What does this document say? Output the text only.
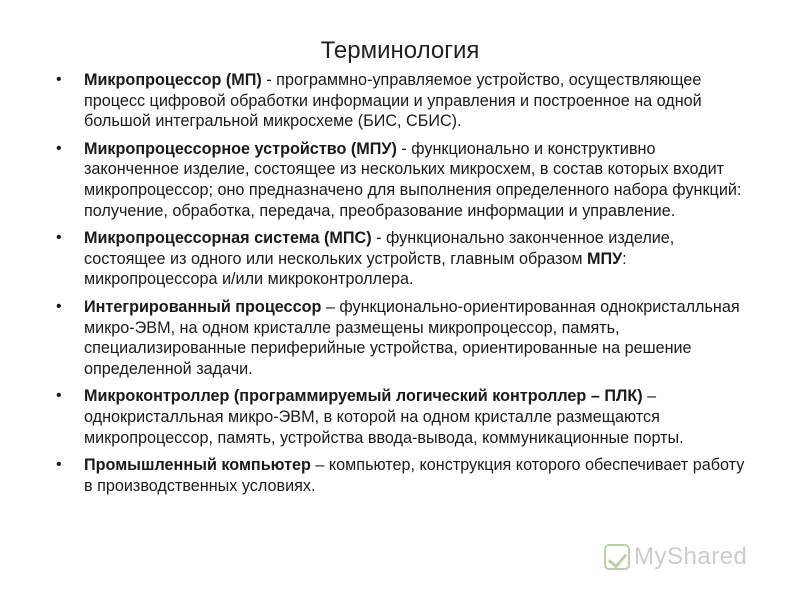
Терминология
• Микропроцессор (МП) - программно-управляемое устройство, осуществляющее процесс цифровой обработки информации и управления и построенное на одной большой интегральной микросхеме (БИС, СБИС).
• Микропроцессорное устройство (МПУ) - функционально и конструктивно законченное изделие, состоящее из нескольких микросхем, в состав которых входит микропроцессор; оно предназначено для выполнения определенного набора функций: получение, обработка, передача, преобразование информации и управление.
• Микропроцессорная система (МПС) - функционально законченное изделие, состоящее из одного или нескольких устройств, главным образом МПУ: микропроцессора и/или микроконтроллера.
• Интегрированный процессор – функционально-ориентированная однокристалльная микро-ЭВМ, на одном кристалле размещены микропроцессор, память, специализированные периферийные устройства, ориентированные на решение определенной задачи.
• Микроконтроллер (программируемый логический контроллер – ПЛК) – однокристалльная микро-ЭВМ, в которой на одном кристалле размещаются микропроцессор, память, устройства ввода-вывода, коммуникационные порты.
• Промышленный компьютер – компьютер, конструкция которого обеспечивает работу в производственных условиях.
MyShared
